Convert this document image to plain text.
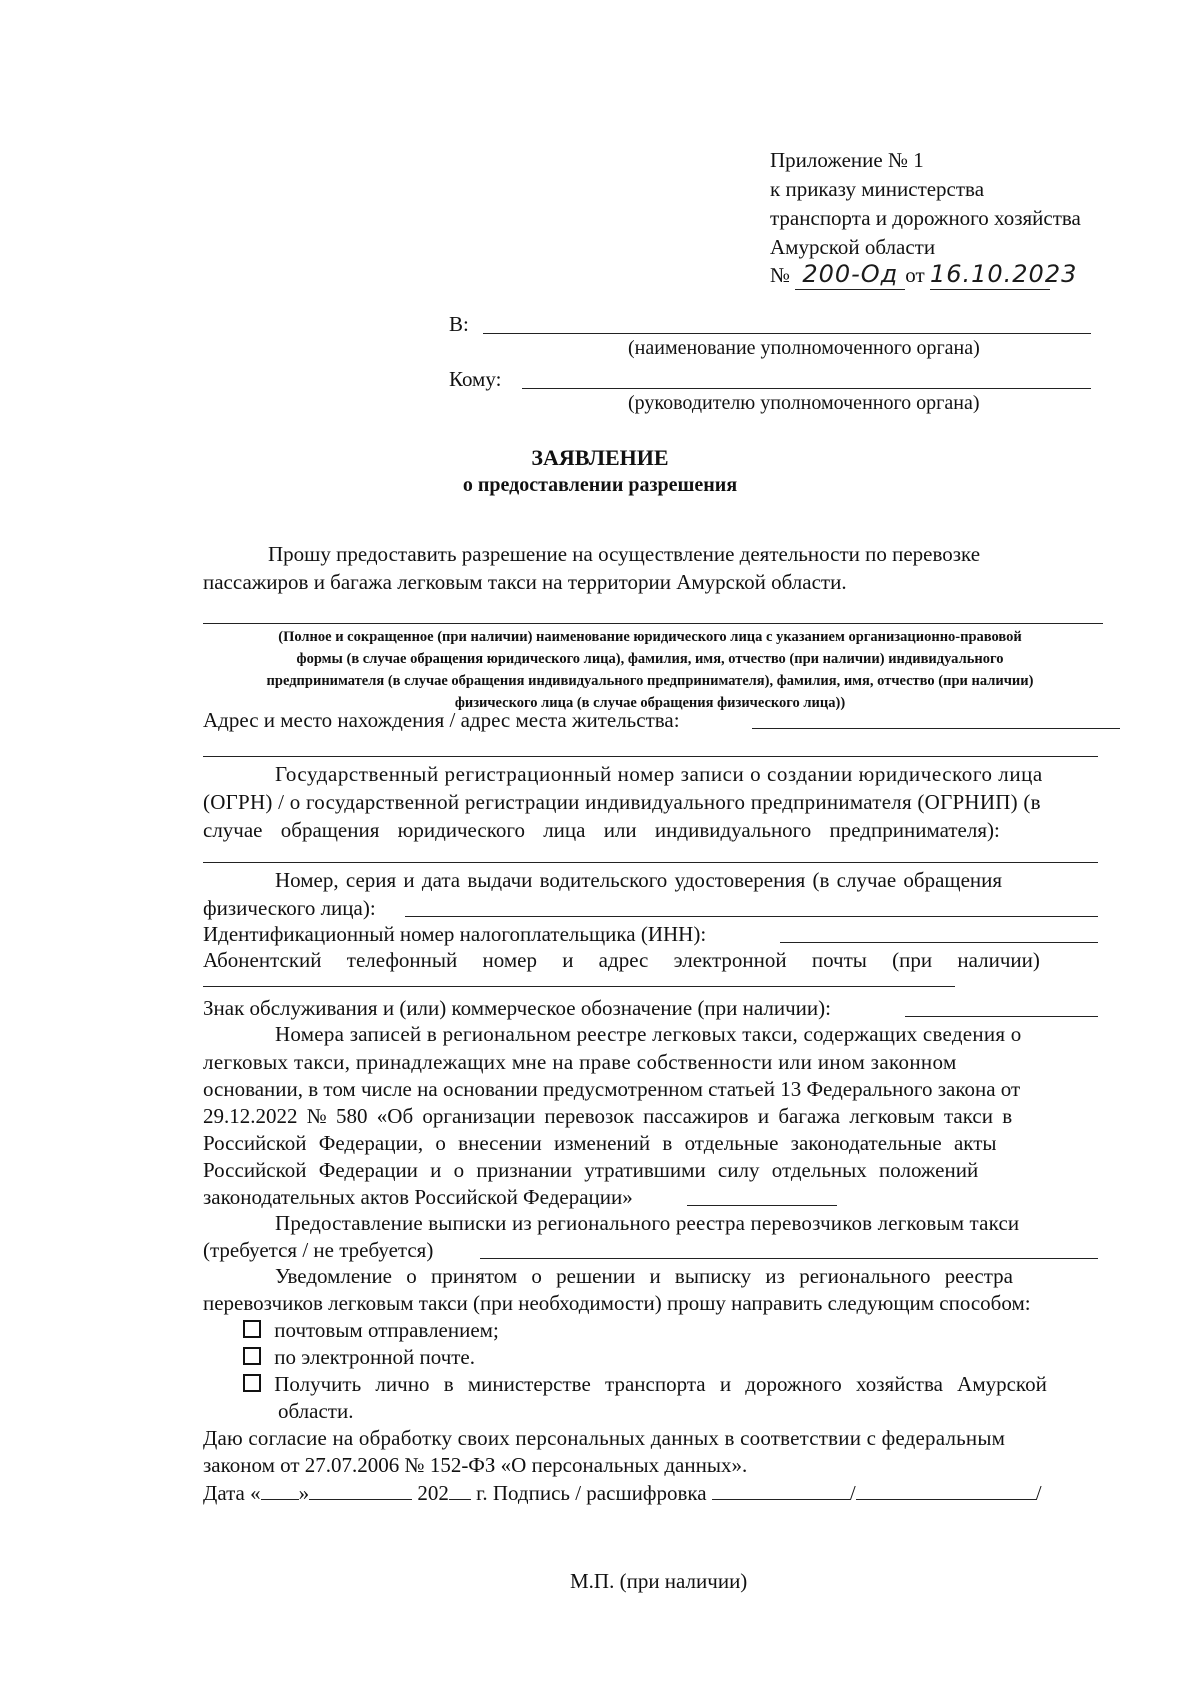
Приложение № 1
к приказу министерства
транспорта и дорожного хозяйства
Амурской области
№ 200-Од от 16.10.2023
В:
(наименование уполномоченного органа)
Кому:
(руководителю уполномоченного органа)
ЗАЯВЛЕНИЕ
о предоставлении разрешения
Прошу предоставить разрешение на осуществление деятельности по перевозке
пассажиров и багажа легковым такси на территории Амурской области.
(Полное и сокращенное (при наличии) наименование юридического лица с указанием организационно-правовой
формы (в случае обращения юридического лица), фамилия, имя, отчество (при наличии) индивидуального
предпринимателя (в случае обращения индивидуального предпринимателя), фамилия, имя, отчество (при наличии)
физического лица (в случае обращения физического лица))
Адрес и место нахождения / адрес места жительства:
Государственный регистрационный номер записи о создании юридического лица
(ОГРН) / о государственной регистрации индивидуального предпринимателя (ОГРНИП) (в
случае обращения юридического лица или индивидуального предпринимателя):
Номер, серия и дата выдачи водительского удостоверения (в случае обращения
физического лица):
Идентификационный номер налогоплательщика (ИНН):
Абонентский телефонный номер и адрес электронной почты (при наличии)
Знак обслуживания и (или) коммерческое обозначение (при наличии):
Номера записей в региональном реестре легковых такси, содержащих сведения о
легковых такси, принадлежащих мне на праве собственности или ином законном
основании, в том числе на основании предусмотренном статьей 13 Федерального закона от
29.12.2022 № 580 «Об организации перевозок пассажиров и багажа легковым такси в
Российской Федерации, о внесении изменений в отдельные законодательные акты
Российской Федерации и о признании утратившими силу отдельных положений
законодательных актов Российской Федерации»
Предоставление выписки из регионального реестра перевозчиков легковым такси
(требуется / не требуется)
Уведомление о принятом о решении и выписку из регионального реестра
перевозчиков легковым такси (при необходимости) прошу направить следующим способом:
почтовым отправлением;
по электронной почте.
Получить лично в министерстве транспорта и дорожного хозяйства Амурской
области.
Даю согласие на обработку своих персональных данных в соответствии с федеральным
законом от 27.07.2006 № 152-ФЗ «О персональных данных».
Дата « »	202 г. Подпись / расшифровка	/	/
М.П. (при наличии)
